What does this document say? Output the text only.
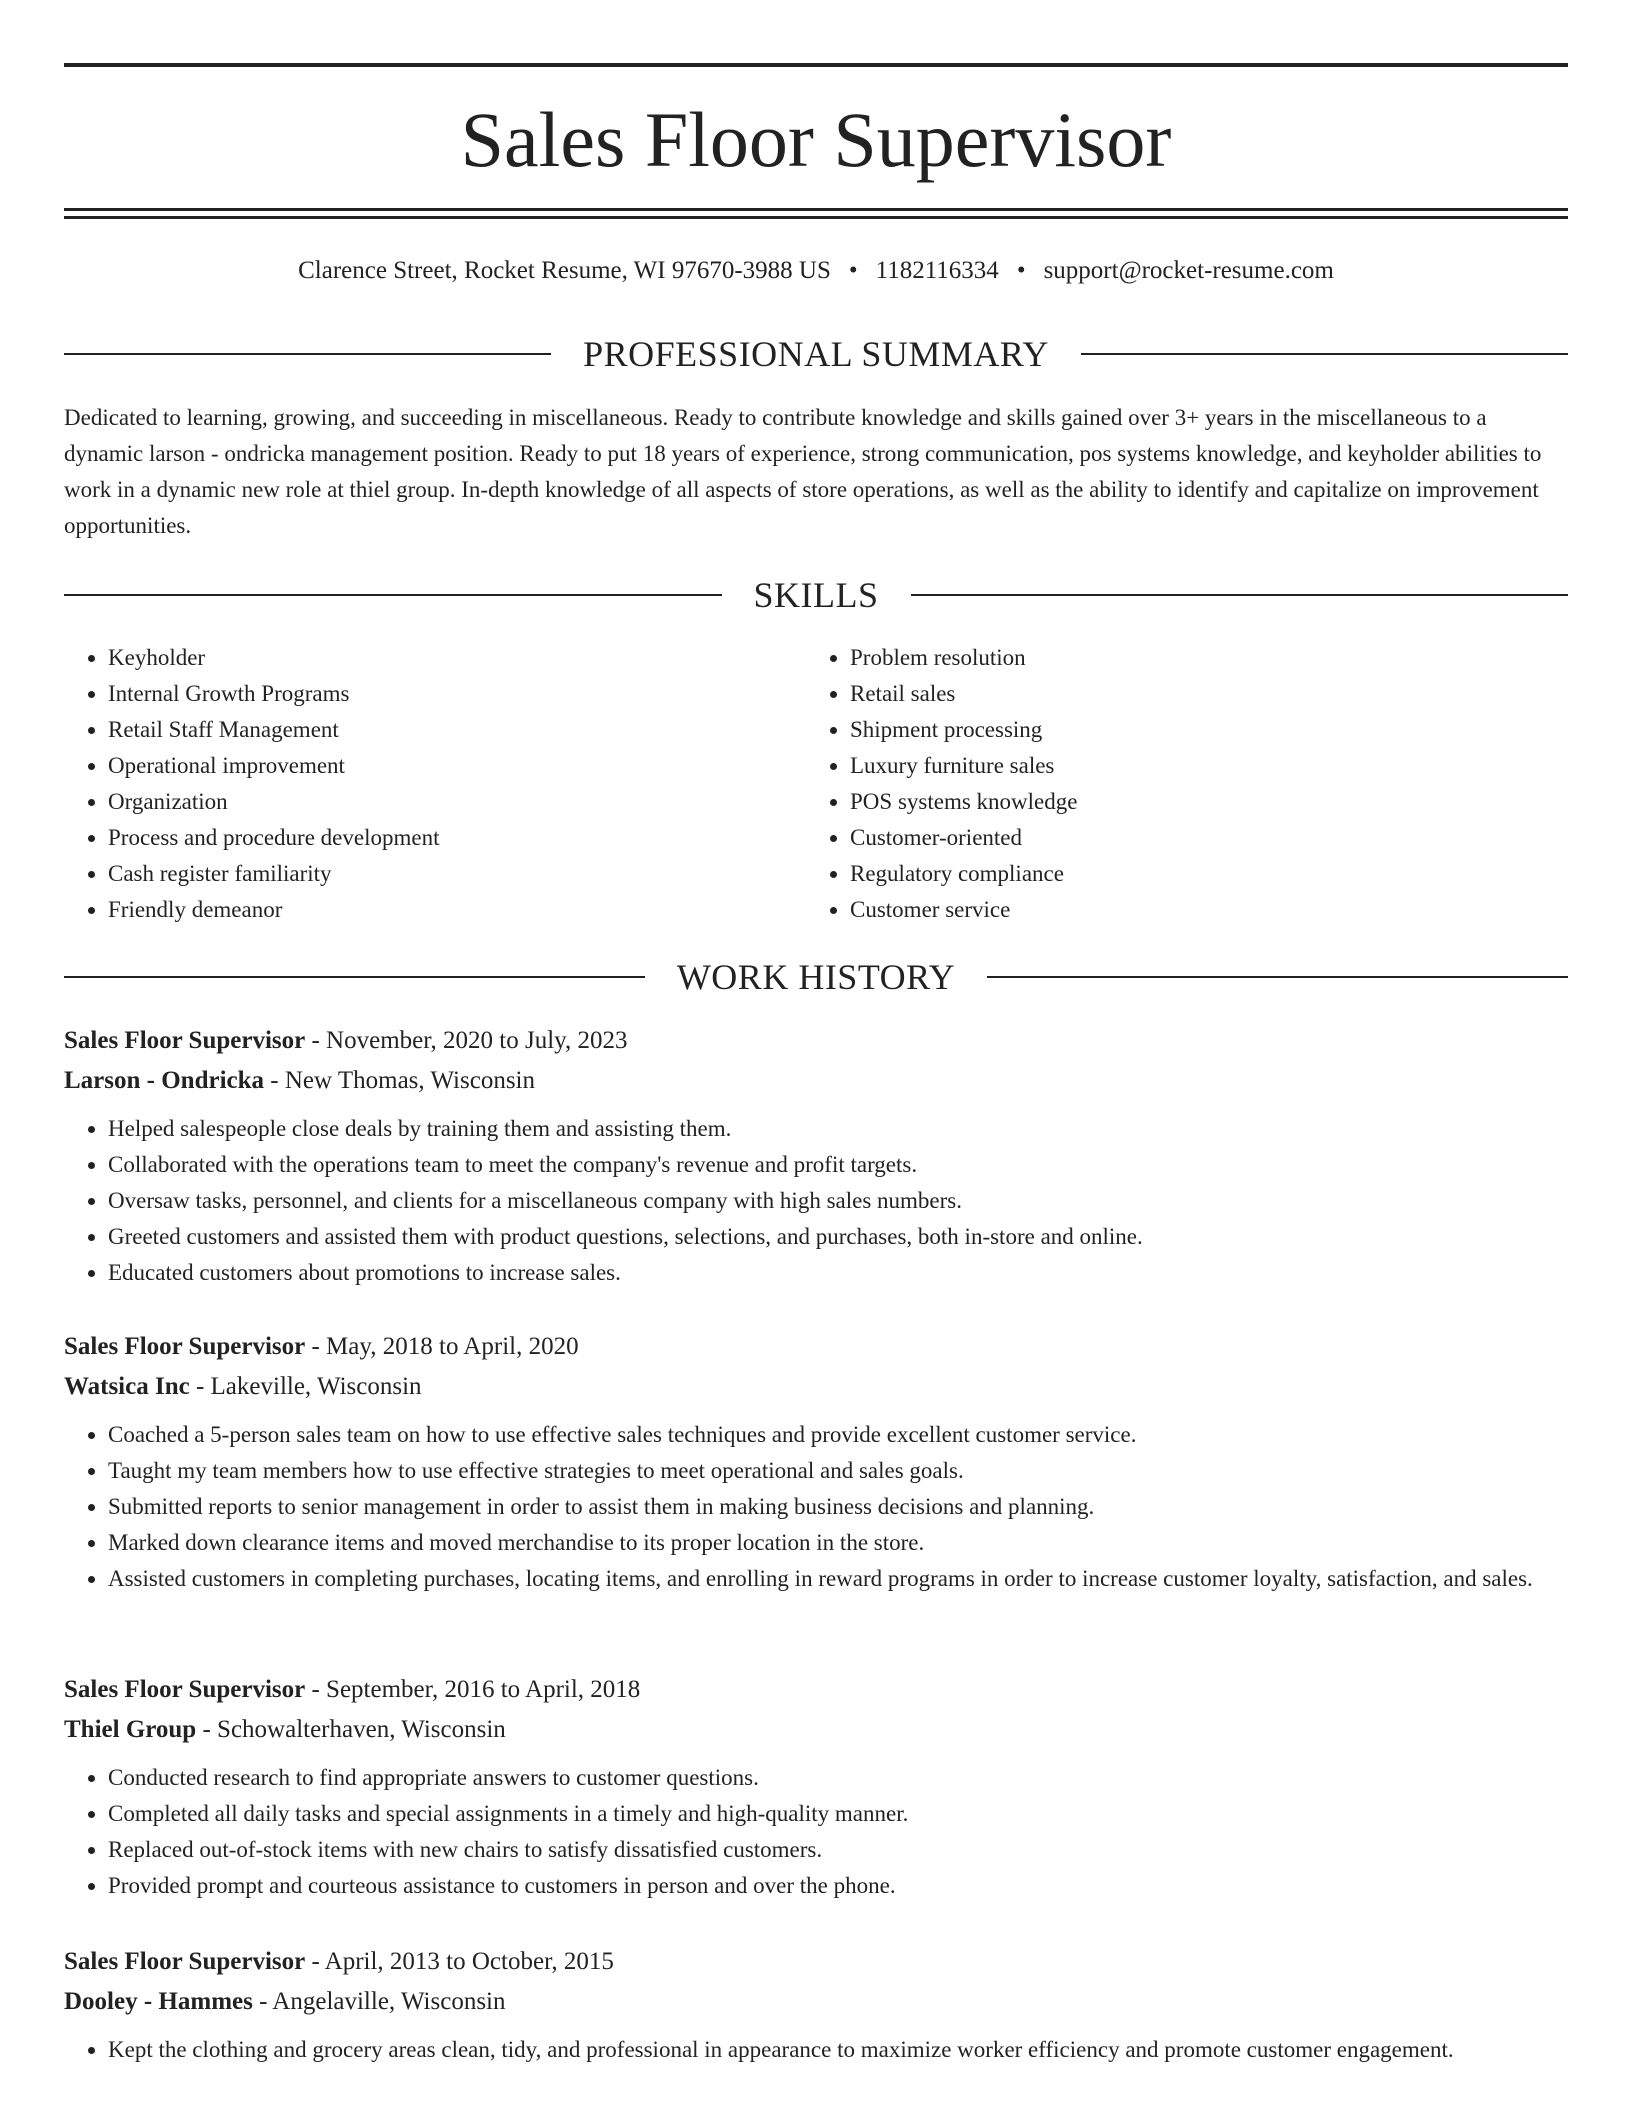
Sales Floor Supervisor
Clarence Street, Rocket Resume, WI 97670-3988 US • 1182116334 • support@rocket-resume.com
PROFESSIONAL SUMMARY

Dedicated to learning, growing, and succeeding in miscellaneous. Ready to contribute knowledge and skills gained over 3+ years in the miscellaneous to a dynamic larson - ondricka management position. Ready to put 18 years of experience, strong communication, pos systems knowledge, and keyholder abilities to work in a dynamic new role at thiel group. In-depth knowledge of all aspects of store operations, as well as the ability to identify and capitalize on improvement opportunities.

SKILLS
• Keyholder
• Internal Growth Programs
• Retail Staff Management
• Operational improvement
• Organization
• Process and procedure development
• Cash register familiarity
• Friendly demeanor
• Problem resolution
• Retail sales
• Shipment processing
• Luxury furniture sales
• POS systems knowledge
• Customer-oriented
• Regulatory compliance
• Customer service
WORK HISTORY
Sales Floor Supervisor - November, 2020 to July, 2023
Larson - Ondricka - New Thomas, Wisconsin
• Helped salespeople close deals by training them and assisting them.
• Collaborated with the operations team to meet the company's revenue and profit targets.
• Oversaw tasks, personnel, and clients for a miscellaneous company with high sales numbers.
• Greeted customers and assisted them with product questions, selections, and purchases, both in-store and online.
• Educated customers about promotions to increase sales.
Sales Floor Supervisor - May, 2018 to April, 2020
Watsica Inc - Lakeville, Wisconsin
• Coached a 5-person sales team on how to use effective sales techniques and provide excellent customer service.
• Taught my team members how to use effective strategies to meet operational and sales goals.
• Submitted reports to senior management in order to assist them in making business decisions and planning.
• Marked down clearance items and moved merchandise to its proper location in the store.
• Assisted customers in completing purchases, locating items, and enrolling in reward programs in order to increase customer loyalty, satisfaction, and sales.
Sales Floor Supervisor - September, 2016 to April, 2018
Thiel Group - Schowalterhaven, Wisconsin
• Conducted research to find appropriate answers to customer questions.
• Completed all daily tasks and special assignments in a timely and high-quality manner.
• Replaced out-of-stock items with new chairs to satisfy dissatisfied customers.
• Provided prompt and courteous assistance to customers in person and over the phone.
Sales Floor Supervisor - April, 2013 to October, 2015
Dooley - Hammes - Angelaville, Wisconsin
• Kept the clothing and grocery areas clean, tidy, and professional in appearance to maximize worker efficiency and promote customer engagement.
